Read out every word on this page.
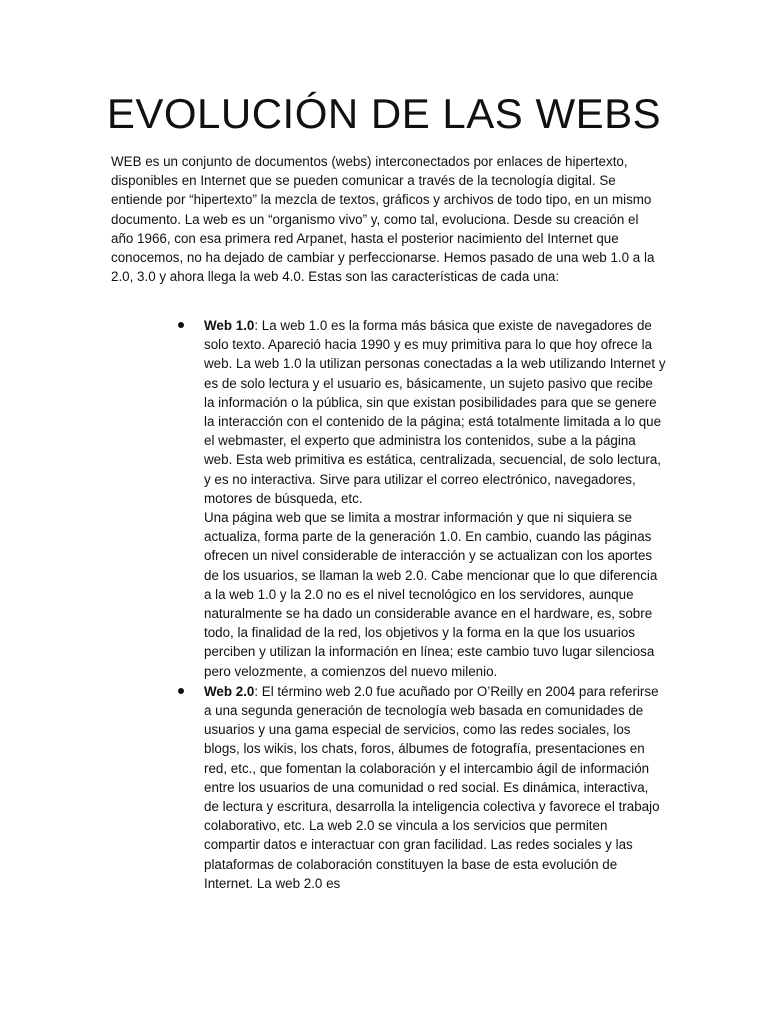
EVOLUCIÓN DE LAS WEBS

WEB es un conjunto de documentos (webs) interconectados por enlaces de hipertexto, disponibles en Internet que se pueden comunicar a través de la tecnología digital. Se entiende por “hipertexto” la mezcla de textos, gráficos y archivos de todo tipo, en un mismo documento. La web es un “organismo vivo” y, como tal, evoluciona. Desde su creación el año 1966, con esa primera red Arpanet, hasta el posterior nacimiento del Internet que conocemos, no ha dejado de cambiar y perfeccionarse. Hemos pasado de una web 1.0 a la 2.0, 3.0 y ahora llega la web 4.0. Estas son las características de cada una:

Web 1.0: La web 1.0 es la forma más básica que existe de navegadores de solo texto. Apareció hacia 1990 y es muy primitiva para lo que hoy ofrece la web. La web 1.0 la utilizan personas conectadas a la web utilizando Internet y es de solo lectura y el usuario es, básicamente, un sujeto pasivo que recibe la información o la pública, sin que existan posibilidades para que se genere la interacción con el contenido de la página; está totalmente limitada a lo que el webmaster, el experto que administra los contenidos, sube a la página web. Esta web primitiva es estática, centralizada, secuencial, de solo lectura, y es no interactiva. Sirve para utilizar el correo electrónico, navegadores, motores de búsqueda, etc.

Una página web que se limita a mostrar información y que ni siquiera se actualiza, forma parte de la generación 1.0. En cambio, cuando las páginas ofrecen un nivel considerable de interacción y se actualizan con los aportes de los usuarios, se llaman la web 2.0. Cabe mencionar que lo que diferencia a la web 1.0 y la 2.0 no es el nivel tecnológico en los servidores, aunque naturalmente se ha dado un considerable avance en el hardware, es, sobre todo, la finalidad de la red, los objetivos y la forma en la que los usuarios perciben y utilizan la información en línea; este cambio tuvo lugar silenciosa pero velozmente, a comienzos del nuevo milenio.

Web 2.0: El término web 2.0 fue acuñado por O’Reilly en 2004 para referirse a una segunda generación de tecnología web basada en comunidades de usuarios y una gama especial de servicios, como las redes sociales, los blogs, los wikis, los chats, foros, álbumes de fotografía, presentaciones en red, etc., que fomentan la colaboración y el intercambio ágil de información entre los usuarios de una comunidad o red social. Es dinámica, interactiva, de lectura y escritura, desarrolla la inteligencia colectiva y favorece el trabajo colaborativo, etc. La web 2.0 se vincula a los servicios que permiten compartir datos e interactuar con gran facilidad. Las redes sociales y las plataformas de colaboración constituyen la base de esta evolución de Internet. La web 2.0 es
